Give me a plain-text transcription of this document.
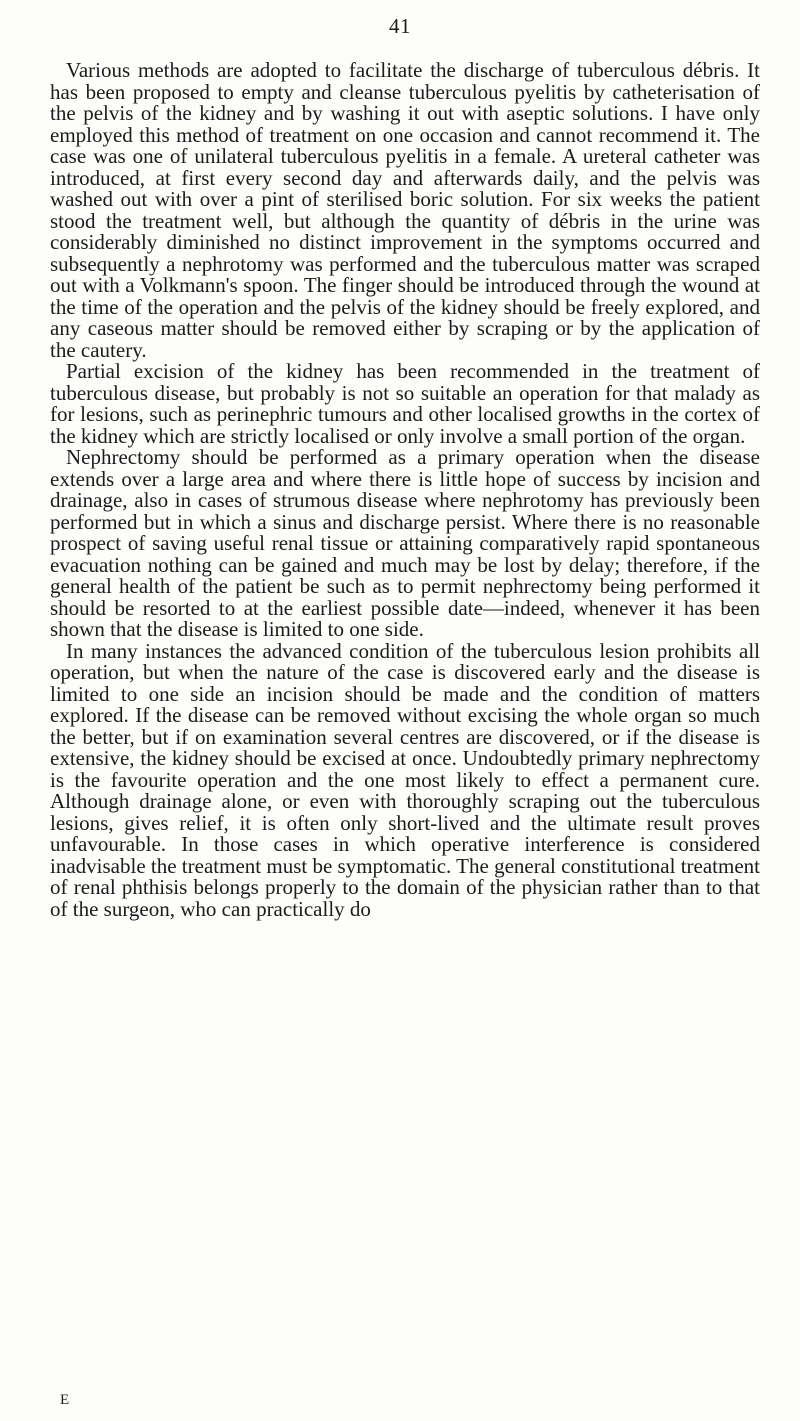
41

Various methods are adopted to facilitate the discharge of tuberculous débris. It has been proposed to empty and cleanse tuberculous pyelitis by catheterisation of the pelvis of the kidney and by washing it out with aseptic solutions. I have only employed this method of treatment on one occasion and cannot recommend it. The case was one of unilateral tuberculous pyelitis in a female. A ureteral catheter was introduced, at first every second day and afterwards daily, and the pelvis was washed out with over a pint of sterilised boric solution. For six weeks the patient stood the treatment well, but although the quantity of débris in the urine was considerably diminished no distinct improvement in the symptoms occurred and subsequently a nephrotomy was performed and the tuberculous matter was scraped out with a Volkmann's spoon. The finger should be introduced through the wound at the time of the operation and the pelvis of the kidney should be freely explored, and any caseous matter should be removed either by scraping or by the application of the cautery.

Partial excision of the kidney has been recommended in the treatment of tuberculous disease, but probably is not so suitable an operation for that malady as for lesions, such as perinephric tumours and other localised growths in the cortex of the kidney which are strictly localised or only involve a small portion of the organ.

Nephrectomy should be performed as a primary operation when the disease extends over a large area and where there is little hope of success by incision and drainage, also in cases of strumous disease where nephrotomy has previously been performed but in which a sinus and discharge persist. Where there is no reasonable prospect of saving useful renal tissue or attaining comparatively rapid spontaneous evacuation nothing can be gained and much may be lost by delay; therefore, if the general health of the patient be such as to permit nephrectomy being performed it should be resorted to at the earliest possible date—indeed, whenever it has been shown that the disease is limited to one side.

In many instances the advanced condition of the tuberculous lesion prohibits all operation, but when the nature of the case is discovered early and the disease is limited to one side an incision should be made and the condition of matters explored. If the disease can be removed without excising the whole organ so much the better, but if on examination several centres are discovered, or if the disease is extensive, the kidney should be excised at once. Undoubtedly primary nephrectomy is the favourite operation and the one most likely to effect a permanent cure. Although drainage alone, or even with thoroughly scraping out the tuberculous lesions, gives relief, it is often only short-lived and the ultimate result proves unfavourable. In those cases in which operative interference is considered inadvisable the treatment must be symptomatic. The general constitutional treatment of renal phthisis belongs properly to the domain of the physician rather than to that of the surgeon, who can practically do

E
